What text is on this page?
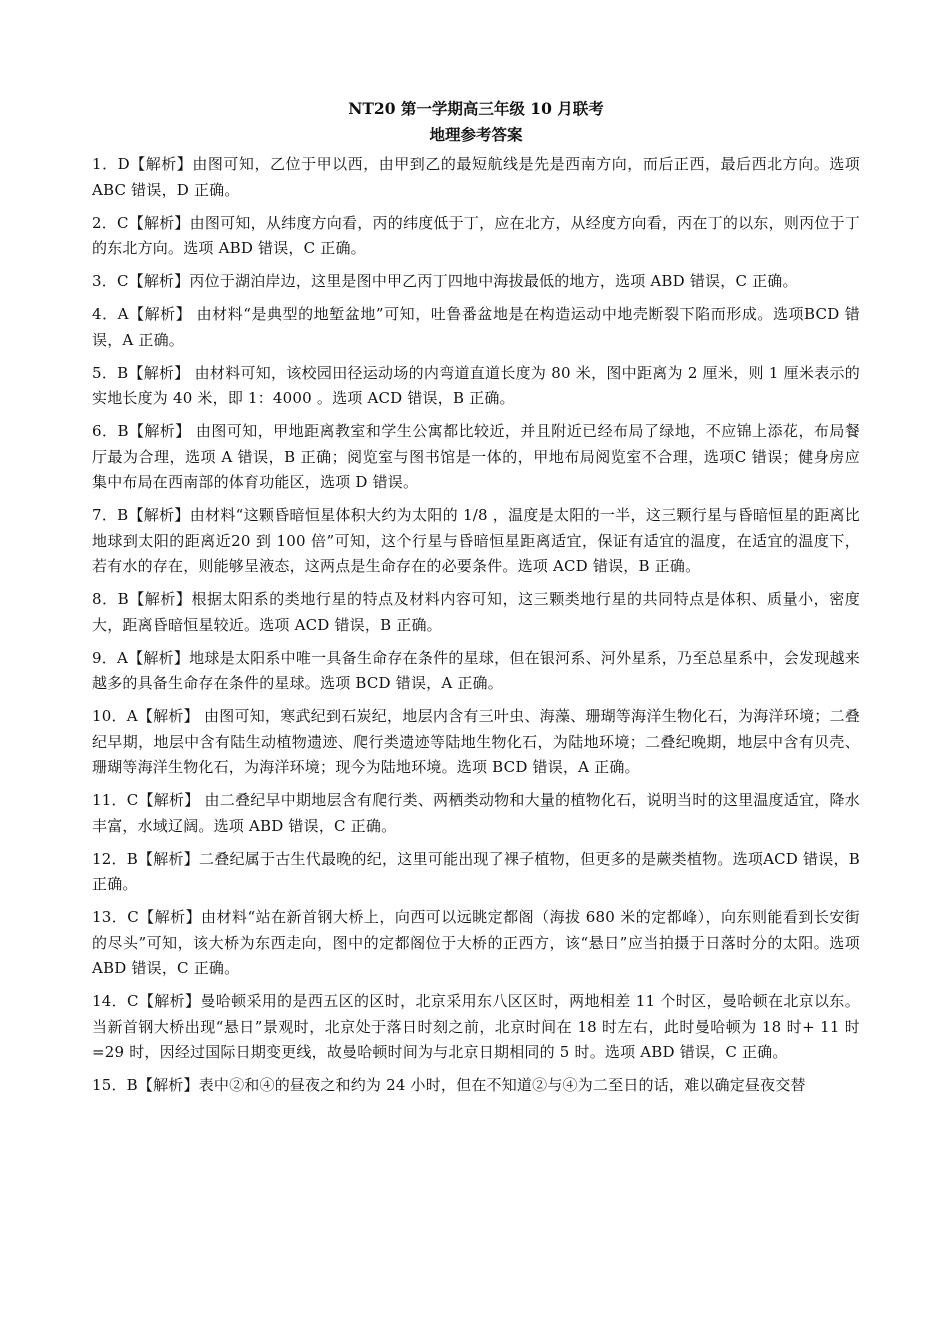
NT20 第一学期高三年级 10 月联考

地理参考答案

1．D【解析】由图可知，乙位于甲以西，由甲到乙的最短航线是先是西南方向，而后正西，最后西北方向。选项 ABC 错误，D 正确。

2．C【解析】由图可知，从纬度方向看，丙的纬度低于丁，应在北方，从经度方向看，丙在丁的以东，则丙位于丁的东北方向。选项 ABD 错误，C 正确。

3．C【解析】丙位于湖泊岸边，这里是图中甲乙丙丁四地中海拔最低的地方，选项 ABD 错误，C 正确。

4．A【解析】 由材料“是典型的地堑盆地”可知，吐鲁番盆地是在构造运动中地壳断裂下陷而形成。选项BCD 错误，A 正确。

5．B【解析】 由材料可知，该校园田径运动场的内弯道直道长度为 80 米，图中距离为 2 厘米，则 1 厘米表示的实地长度为 40 米，即 1：4000 。选项 ACD 错误，B 正确。

6．B【解析】 由图可知，甲地距离教室和学生公寓都比较近，并且附近已经布局了绿地，不应锦上添花，布局餐厅最为合理，选项 A 错误，B 正确；阅览室与图书馆是一体的，甲地布局阅览室不合理，选项C 错误；健身房应集中布局在西南部的体育功能区，选项 D 错误。

7．B【解析】由材料“这颗昏暗恒星体积大约为太阳的 1/8 ，温度是太阳的一半，这三颗行星与昏暗恒星的距离比地球到太阳的距离近20 到 100 倍”可知，这个行星与昏暗恒星距离适宜，保证有适宜的温度，在适宜的温度下，若有水的存在，则能够呈液态，这两点是生命存在的必要条件。选项 ACD 错误，B 正确。

8．B【解析】根据太阳系的类地行星的特点及材料内容可知，这三颗类地行星的共同特点是体积、质量小，密度大，距离昏暗恒星较近。选项 ACD 错误，B 正确。

9．A【解析】地球是太阳系中唯一具备生命存在条件的星球，但在银河系、河外星系，乃至总星系中，会发现越来越多的具备生命存在条件的星球。选项 BCD 错误，A 正确。

10．A【解析】 由图可知，寒武纪到石炭纪，地层内含有三叶虫、海藻、珊瑚等海洋生物化石，为海洋环境；二叠纪早期，地层中含有陆生动植物遗迹、爬行类遗迹等陆地生物化石，为陆地环境；二叠纪晚期，地层中含有贝壳、珊瑚等海洋生物化石，为海洋环境；现今为陆地环境。选项 BCD 错误，A 正确。

11．C【解析】 由二叠纪早中期地层含有爬行类、两栖类动物和大量的植物化石，说明当时的这里温度适宜，降水丰富，水域辽阔。选项 ABD 错误，C 正确。

12．B【解析】二叠纪属于古生代最晚的纪，这里可能出现了裸子植物，但更多的是蕨类植物。选项ACD 错误，B 正确。

13．C【解析】由材料“站在新首钢大桥上，向西可以远眺定都阁（海拔 680 米的定都峰），向东则能看到长安街的尽头”可知，该大桥为东西走向，图中的定都阁位于大桥的正西方，该“悬日”应当拍摄于日落时分的太阳。选项 ABD 错误，C 正确。

14．C【解析】曼哈顿采用的是西五区的区时，北京采用东八区区时，两地相差 11 个时区，曼哈顿在北京以东。当新首钢大桥出现“悬日”景观时，北京处于落日时刻之前，北京时间在 18 时左右，此时曼哈顿为 18 时+ 11 时=29 时，因经过国际日期变更线，故曼哈顿时间为与北京日期相同的 5 时。选项 ABD 错误，C 正确。

15．B【解析】表中②和④的昼夜之和约为 24 小时，但在不知道②与④为二至日的话，难以确定昼夜交替
